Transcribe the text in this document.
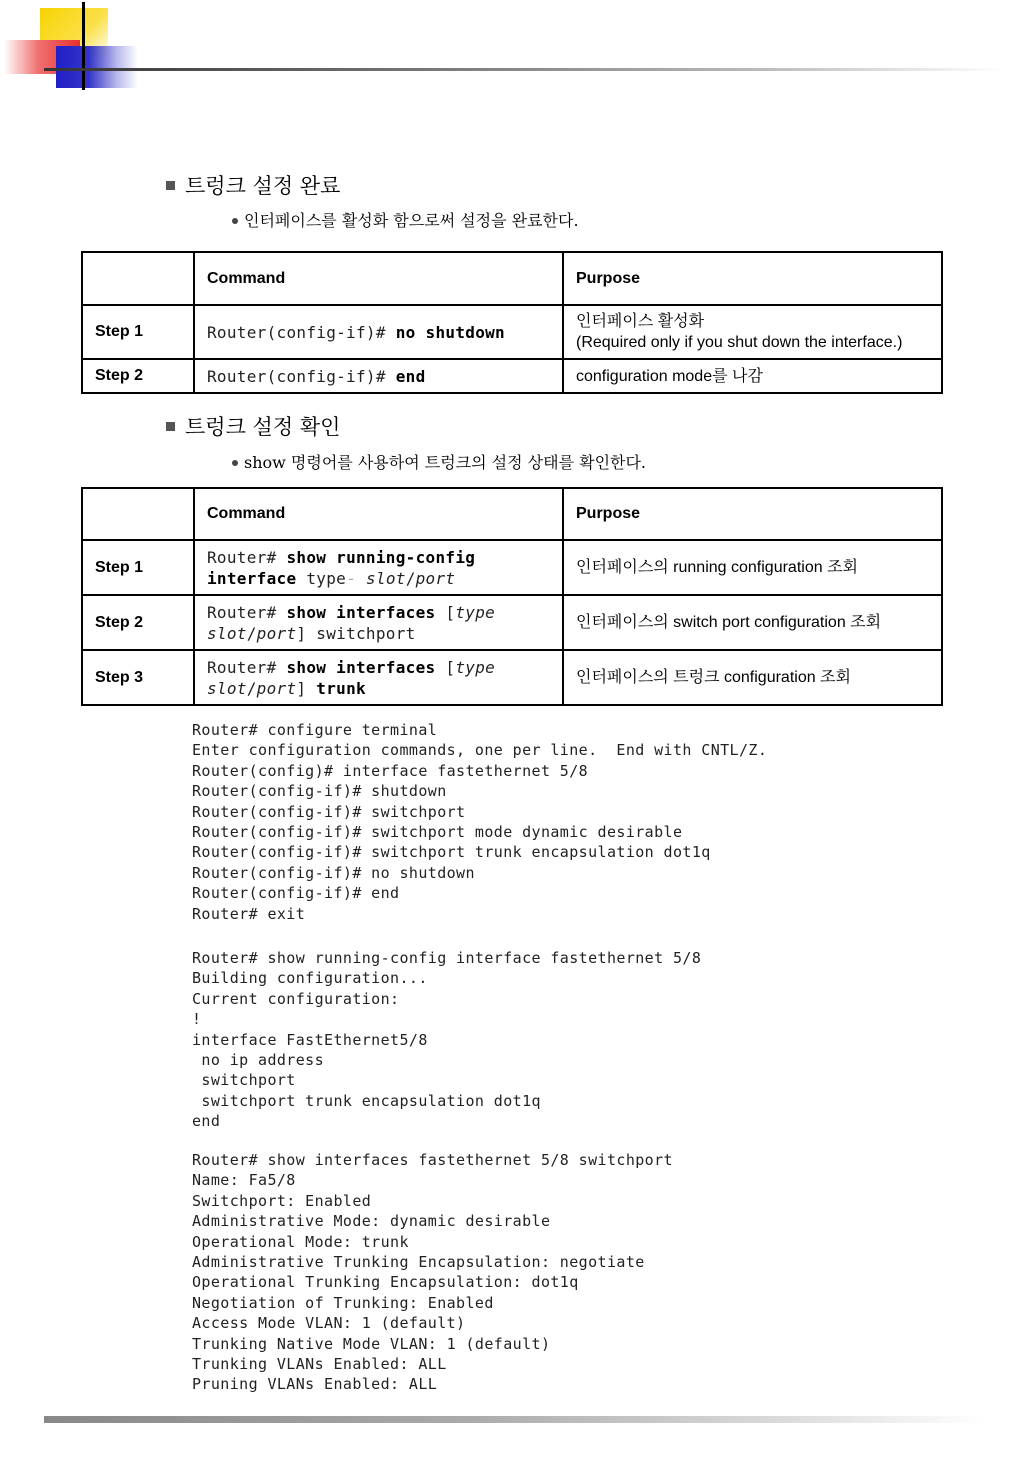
트렁크 설정 완료
인터페이스를 활성화 함으로써 설정을 완료한다.
	Command	Purpose
Step 1	Router(config-if)# no shutdown	인터페이스 활성화
(Required only if you shut down the interface.)
Step 2	Router(config-if)# end	configuration mode를 나감
트렁크 설정 확인
show 명령어를 사용하여 트렁크의 설정 상태를 확인한다.
	Command	Purpose
Step 1	Router# show running-config
interface type- slot/port	인터페이스의 running configuration 조회
Step 2	Router# show interfaces [type
slot/port] switchport	인터페이스의 switch port configuration 조회
Step 3	Router# show interfaces [type
slot/port] trunk	인터페이스의 트렁크 configuration 조회
Router# configure terminal
Enter configuration commands, one per line.  End with CNTL/Z.
Router(config)# interface fastethernet 5/8
Router(config-if)# shutdown
Router(config-if)# switchport
Router(config-if)# switchport mode dynamic desirable
Router(config-if)# switchport trunk encapsulation dot1q
Router(config-if)# no shutdown
Router(config-if)# end
Router# exit
Router# show running-config interface fastethernet 5/8
Building configuration...
Current configuration:
!
interface FastEthernet5/8
no ip address
switchport
switchport trunk encapsulation dot1q
end
Router# show interfaces fastethernet 5/8 switchport
Name: Fa5/8
Switchport: Enabled
Administrative Mode: dynamic desirable
Operational Mode: trunk
Administrative Trunking Encapsulation: negotiate
Operational Trunking Encapsulation: dot1q
Negotiation of Trunking: Enabled
Access Mode VLAN: 1 (default)
Trunking Native Mode VLAN: 1 (default)
Trunking VLANs Enabled: ALL
Pruning VLANs Enabled: ALL
